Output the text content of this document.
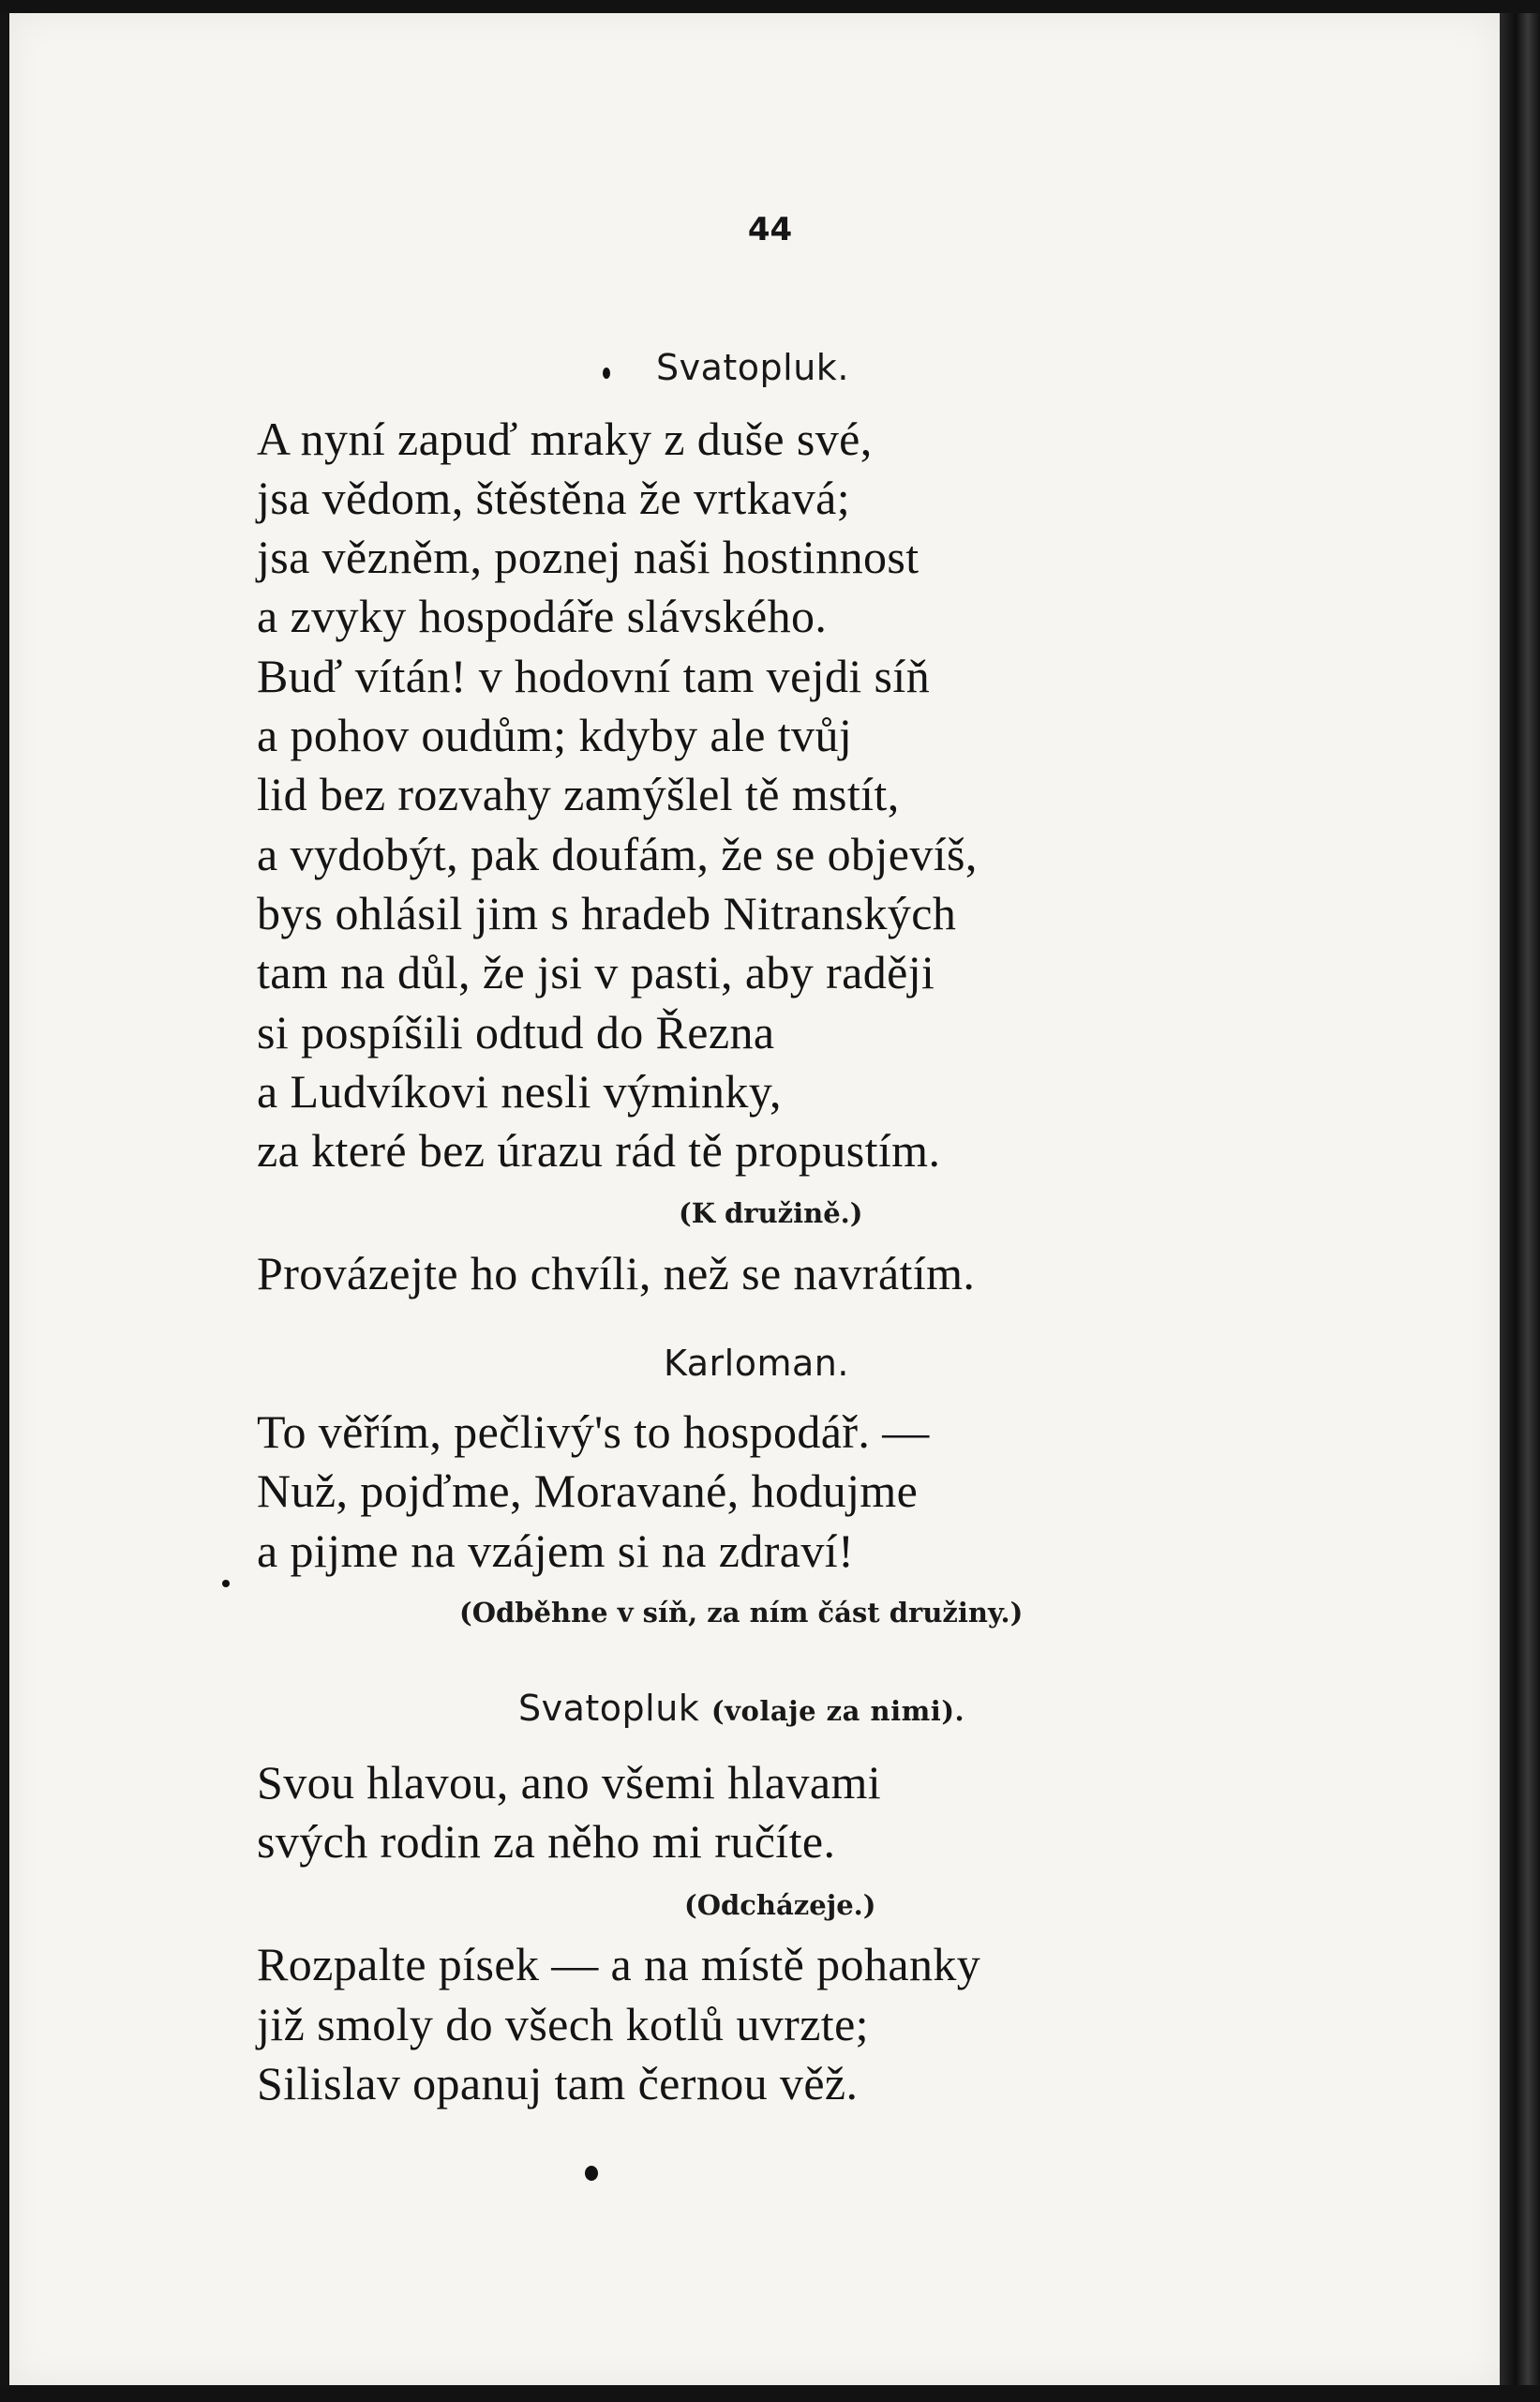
44
Svatopluk.
A nyní zapuď mraky z duše své,
jsa vědom, štěstěna že vrtkavá;
jsa vězněm, poznej naši hostinnost
a zvyky hospodáře slávského.
Buď vítán! v hodovní tam vejdi síň
a pohov oudům; kdyby ale tvůj
lid bez rozvahy zamýšlel tě mstít,
a vydobýt, pak doufám, že se objevíš,
bys ohlásil jim s hradeb Nitranských
tam na důl, že jsi v pasti, aby raději
si pospíšili odtud do Řezna
a Ludvíkovi nesli výminky,
za které bez úrazu rád tě propustím.
(K družině.)
Provázejte ho chvíli, než se navrátím.
Karloman.
To věřím, pečlivý's to hospodář. —
Nuž, pojďme, Moravané, hodujme
a pijme na vzájem si na zdraví!
(Odběhne v síň, za ním část družiny.)
Svatopluk (volaje za nimi).
Svou hlavou, ano všemi hlavami
svých rodin za něho mi ručíte.
(Odcházeje.)
Rozpalte písek — a na místě pohanky
již smoly do všech kotlů uvrzte;
Silislav opanuj tam černou věž.
